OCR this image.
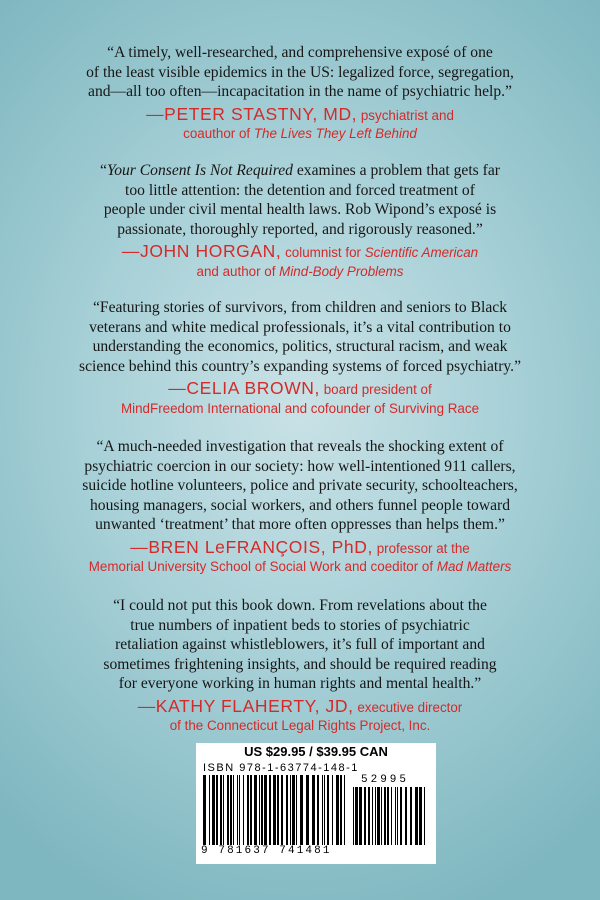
“A timely, well-researched, and comprehensive exposé of one
of the least visible epidemics in the US: legalized force, segregation,
and—all too often—incapacitation in the name of psychiatric help.”

—PETER STASTNY, MD, psychiatrist and
coauthor of The Lives They Left Behind

“Your Consent Is Not Required examines a problem that gets far
too little attention: the detention and forced treatment of
people under civil mental health laws. Rob Wipond’s exposé is
passionate, thoroughly reported, and rigorously reasoned.”

—JOHN HORGAN, columnist for Scientific American
and author of Mind-Body Problems

“Featuring stories of survivors, from children and seniors to Black
veterans and white medical professionals, it’s a vital contribution to
understanding the economics, politics, structural racism, and weak
science behind this country’s expanding systems of forced psychiatry.”

—CELIA BROWN, board president of
MindFreedom International and cofounder of Surviving Race

“A much-needed investigation that reveals the shocking extent of
psychiatric coercion in our society: how well-intentioned 911 callers,
suicide hotline volunteers, police and private security, schoolteachers,
housing managers, social workers, and others funnel people toward
unwanted ‘treatment’ that more often oppresses than helps them.”

—BREN LeFRANÇOIS, PhD, professor at the
Memorial University School of Social Work and coeditor of Mad Matters

“I could not put this book down. From revelations about the
true numbers of inpatient beds to stories of psychiatric
retaliation against whistleblowers, it’s full of important and
sometimes frightening insights, and should be required reading
for everyone working in human rights and mental health.”

—KATHY FLAHERTY, JD, executive director
of the Connecticut Legal Rights Project, Inc.
US $29.95 / $39.95 CAN
ISBN 978-1-63774-148-1
9 781637 741481
52995
